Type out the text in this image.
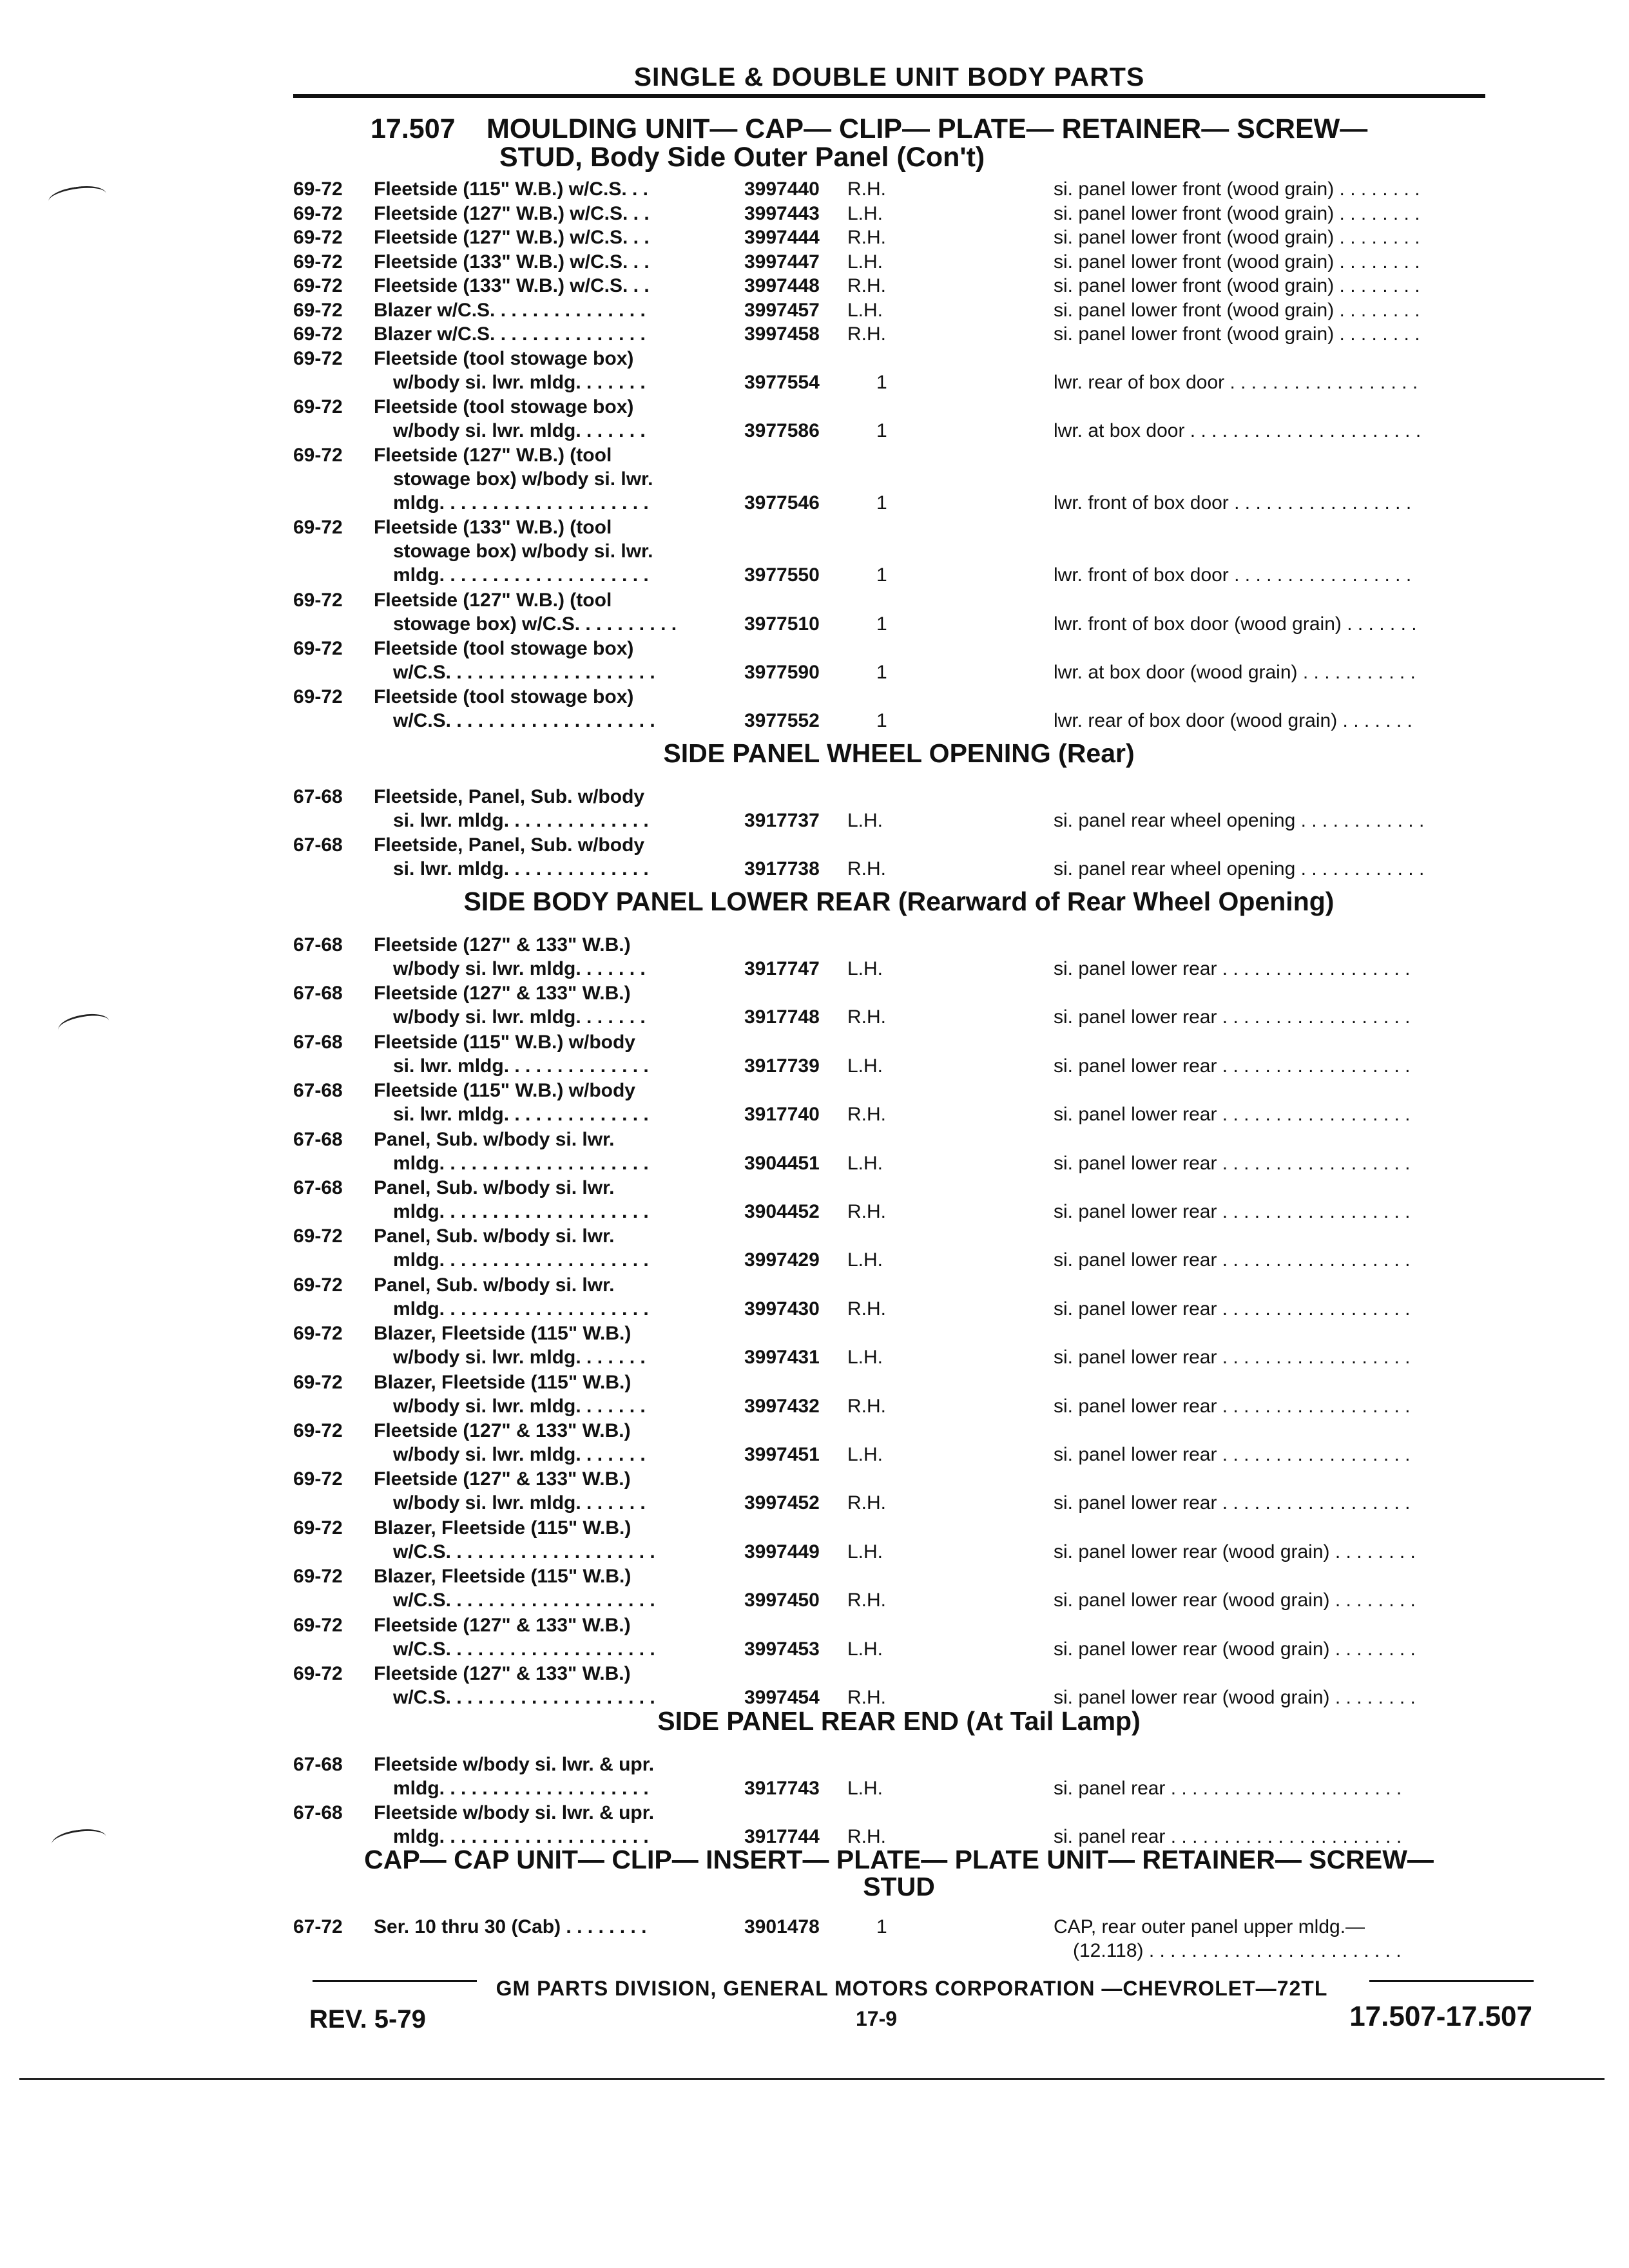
SINGLE & DOUBLE UNIT BODY PARTS
17.507 MOULDING UNIT— CAP— CLIP— PLATE— RETAINER— SCREW—
STUD, Body Side Outer Panel (Con't)
69-72 Fleetside (115" W.B.) w/C.S. . .	3997440 R.H.	si. panel lower front (wood grain) . . . . . . . .
69-72 Fleetside (127" W.B.) w/C.S. . .	3997443 L.H.	si. panel lower front (wood grain) . . . . . . . .
69-72 Fleetside (127" W.B.) w/C.S. . .	3997444 R.H.	si. panel lower front (wood grain) . . . . . . . .
69-72 Fleetside (133" W.B.) w/C.S. . .	3997447 L.H.	si. panel lower front (wood grain) . . . . . . . .
69-72 Fleetside (133" W.B.) w/C.S. . .	3997448 R.H.	si. panel lower front (wood grain) . . . . . . . .
69-72 Blazer w/C.S. . . . . . . . . . . . . . .	3997457 L.H.	si. panel lower front (wood grain) . . . . . . . .
69-72 Blazer w/C.S. . . . . . . . . . . . . . .	3997458 R.H.	si. panel lower front (wood grain) . . . . . . . .
69-72 Fleetside (tool stowage box)
w/body si. lwr. mldg. . . . . . .	3977554	1	lwr. rear of box door . . . . . . . . . . . . . . . . . .
69-72 Fleetside (tool stowage box)
w/body si. lwr. mldg. . . . . . .	3977586	1	lwr. at box door . . . . . . . . . . . . . . . . . . . . . .
69-72 Fleetside (127" W.B.) (tool
stowage box) w/body si. lwr.
mldg. . . . . . . . . . . . . . . . . . . .	3977546	1	lwr. front of box door . . . . . . . . . . . . . . . . .
69-72 Fleetside (133" W.B.) (tool
stowage box) w/body si. lwr.
mldg. . . . . . . . . . . . . . . . . . . .	3977550	1	lwr. front of box door . . . . . . . . . . . . . . . . .
69-72 Fleetside (127" W.B.) (tool
stowage box) w/C.S. . . . . . . . . .	3977510	1	lwr. front of box door (wood grain) . . . . . . .
69-72 Fleetside (tool stowage box)
w/C.S. . . . . . . . . . . . . . . . . . . .	3977590	1	lwr. at box door (wood grain) . . . . . . . . . . .
69-72 Fleetside (tool stowage box)
w/C.S. . . . . . . . . . . . . . . . . . . .	3977552	1	lwr. rear of box door (wood grain) . . . . . . .
SIDE PANEL WHEEL OPENING (Rear)
67-68 Fleetside, Panel, Sub. w/body
si. lwr. mldg. . . . . . . . . . . . . .	3917737 L.H.	si. panel rear wheel opening . . . . . . . . . . . .
67-68 Fleetside, Panel, Sub. w/body
si. lwr. mldg. . . . . . . . . . . . . .	3917738 R.H.	si. panel rear wheel opening . . . . . . . . . . . .
SIDE BODY PANEL LOWER REAR (Rearward of Rear Wheel Opening)
67-68 Fleetside (127" & 133" W.B.)
w/body si. lwr. mldg. . . . . . .	3917747 L.H.	si. panel lower rear . . . . . . . . . . . . . . . . . .
67-68 Fleetside (127" & 133" W.B.)
w/body si. lwr. mldg. . . . . . .	3917748 R.H.	si. panel lower rear . . . . . . . . . . . . . . . . . .
67-68 Fleetside (115" W.B.) w/body
si. lwr. mldg. . . . . . . . . . . . . .	3917739 L.H.	si. panel lower rear . . . . . . . . . . . . . . . . . .
67-68 Fleetside (115" W.B.) w/body
si. lwr. mldg. . . . . . . . . . . . . .	3917740 R.H.	si. panel lower rear . . . . . . . . . . . . . . . . . .
67-68 Panel, Sub. w/body si. lwr.
mldg. . . . . . . . . . . . . . . . . . . .	3904451 L.H.	si. panel lower rear . . . . . . . . . . . . . . . . . .
67-68 Panel, Sub. w/body si. lwr.
mldg. . . . . . . . . . . . . . . . . . . .	3904452 R.H.	si. panel lower rear . . . . . . . . . . . . . . . . . .
69-72 Panel, Sub. w/body si. lwr.
mldg. . . . . . . . . . . . . . . . . . . .	3997429 L.H.	si. panel lower rear . . . . . . . . . . . . . . . . . .
69-72 Panel, Sub. w/body si. lwr.
mldg. . . . . . . . . . . . . . . . . . . .	3997430 R.H.	si. panel lower rear . . . . . . . . . . . . . . . . . .
69-72 Blazer, Fleetside (115" W.B.)
w/body si. lwr. mldg. . . . . . .	3997431 L.H.	si. panel lower rear . . . . . . . . . . . . . . . . . .
69-72 Blazer, Fleetside (115" W.B.)
w/body si. lwr. mldg. . . . . . .	3997432 R.H.	si. panel lower rear . . . . . . . . . . . . . . . . . .
69-72 Fleetside (127" & 133" W.B.)
w/body si. lwr. mldg. . . . . . .	3997451 L.H.	si. panel lower rear . . . . . . . . . . . . . . . . . .
69-72 Fleetside (127" & 133" W.B.)
w/body si. lwr. mldg. . . . . . .	3997452 R.H.	si. panel lower rear . . . . . . . . . . . . . . . . . .
69-72 Blazer, Fleetside (115" W.B.)
w/C.S. . . . . . . . . . . . . . . . . . . .	3997449 L.H.	si. panel lower rear (wood grain) . . . . . . . .
69-72 Blazer, Fleetside (115" W.B.)
w/C.S. . . . . . . . . . . . . . . . . . . .	3997450 R.H.	si. panel lower rear (wood grain) . . . . . . . .
69-72 Fleetside (127" & 133" W.B.)
w/C.S. . . . . . . . . . . . . . . . . . . .	3997453 L.H.	si. panel lower rear (wood grain) . . . . . . . .
69-72 Fleetside (127" & 133" W.B.)
w/C.S. . . . . . . . . . . . . . . . . . . .	3997454 R.H.	si. panel lower rear (wood grain) . . . . . . . .
SIDE PANEL REAR END (At Tail Lamp)
67-68 Fleetside w/body si. lwr. & upr.
mldg. . . . . . . . . . . . . . . . . . . .	3917743 L.H.	si. panel rear . . . . . . . . . . . . . . . . . . . . . .
67-68 Fleetside w/body si. lwr. & upr.
mldg. . . . . . . . . . . . . . . . . . . .	3917744 R.H.	si. panel rear . . . . . . . . . . . . . . . . . . . . . .
CAP— CAP UNIT— CLIP— INSERT— PLATE— PLATE UNIT— RETAINER— SCREW—
STUD
67-72 Ser. 10 thru 30 (Cab) . . . . . . . .	3901478	1	CAP, rear outer panel upper mldg.—
(12.118) . . . . . . . . . . . . . . . . . . . . . . . .
GM PARTS DIVISION, GENERAL MOTORS CORPORATION —CHEVROLET—72TL
REV. 5-79	17-9	17.507-17.507
